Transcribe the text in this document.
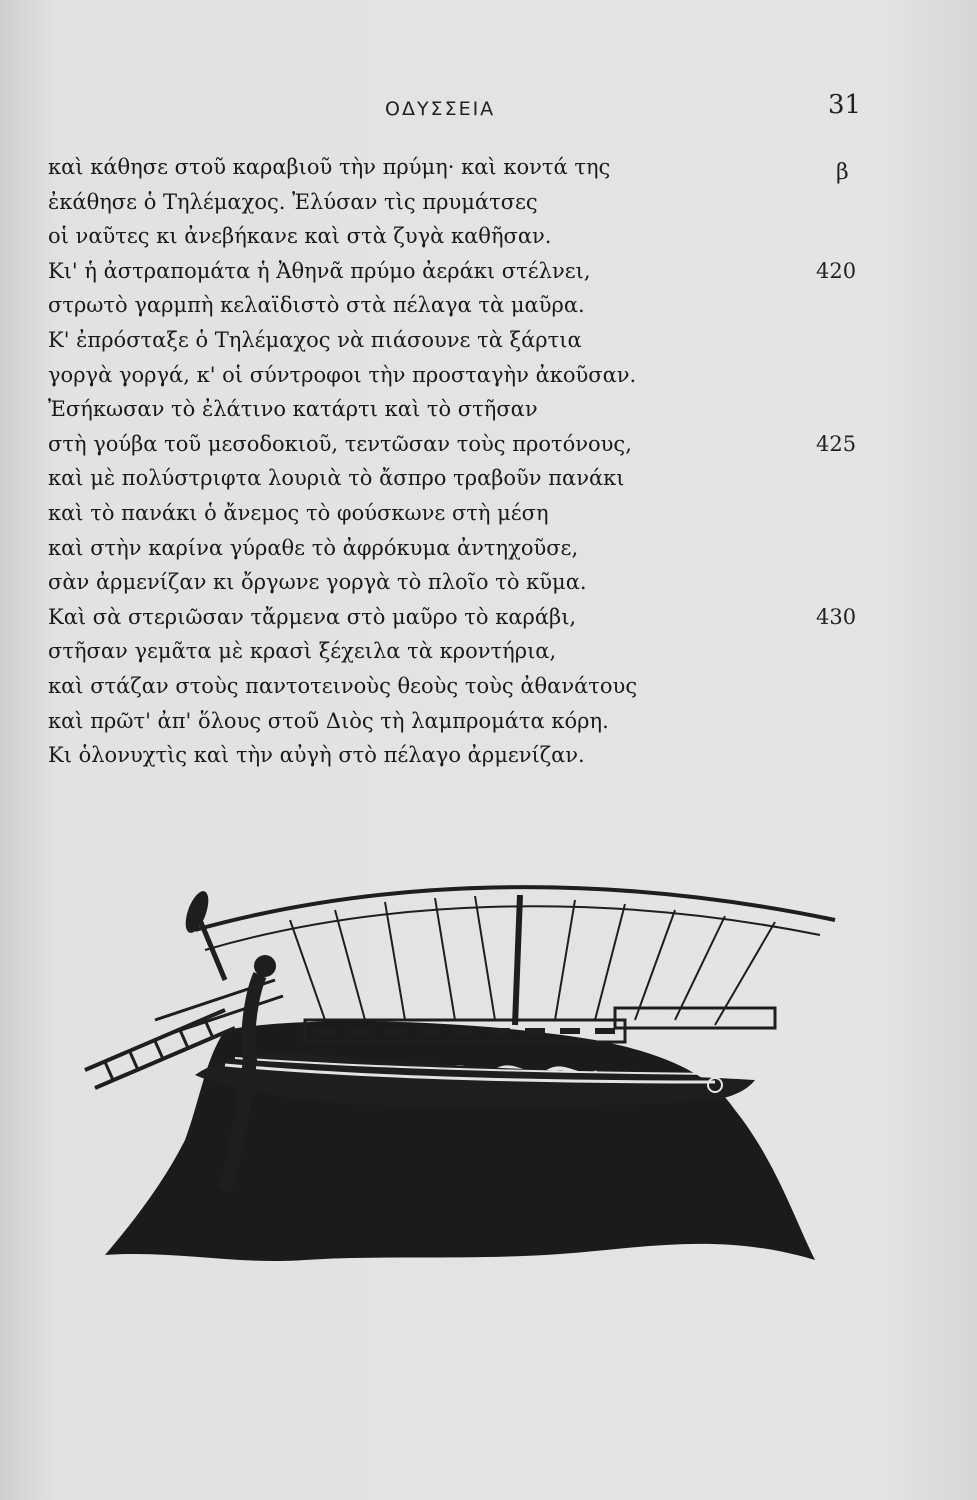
ΟΔΥΣΣΕΙΑ	31
β
καὶ κάθησε στοῦ καραβιοῦ τὴν πρύμη· καὶ κοντά της
ἐκάθησε ὁ Τηλέμαχος. Ἐλύσαν τὶς πρυμάτσες
οἱ ναῦτες κι ἀνεβήκανε καὶ στὰ ζυγὰ καθῆσαν.
Κι' ἡ ἀστραπομάτα ἡ Ἀθηνᾶ πρύμο ἀεράκι στέλνει,	420
στρωτὸ γαρμπὴ κελαϊδιστὸ στὰ πέλαγα τὰ μαῦρα.
Κ' ἐπρόσταξε ὁ Τηλέμαχος νὰ πιάσουνε τὰ ξάρτια
γοργὰ γοργά, κ' οἱ σύντροφοι τὴν προσταγὴν ἀκοῦσαν.
Ἐσήκωσαν τὸ ἐλάτινο κατάρτι καὶ τὸ στῆσαν
στὴ γούβα τοῦ μεσοδοκιοῦ, τεντῶσαν τοὺς προτόνους,	425
καὶ μὲ πολύστριφτα λουριὰ τὸ ἄσπρο τραβοῦν πανάκι
καὶ τὸ πανάκι ὁ ἄνεμος τὸ φούσκωνε στὴ μέση
καὶ στὴν καρίνα γύραθε τὸ ἀφρόκυμα ἀντηχοῦσε,
σὰν ἀρμενίζαν κι ὄργωνε γοργὰ τὸ πλοῖο τὸ κῦμα.
Καὶ σὰ στεριῶσαν τἄρμενα στὸ μαῦρο τὸ καράβι,	430
στῆσαν γεμᾶτα μὲ κρασὶ ξέχειλα τὰ κροντήρια,
καὶ στάζαν στοὺς παντοτεινοὺς θεοὺς τοὺς ἀθανάτους
καὶ πρῶτ' ἀπ' ὅλους στοῦ Διὸς τὴ λαμπρομάτα κόρη.
Κι ὁλονυχτὶς καὶ τὴν αὐγὴ στὸ πέλαγο ἀρμενίζαν.
